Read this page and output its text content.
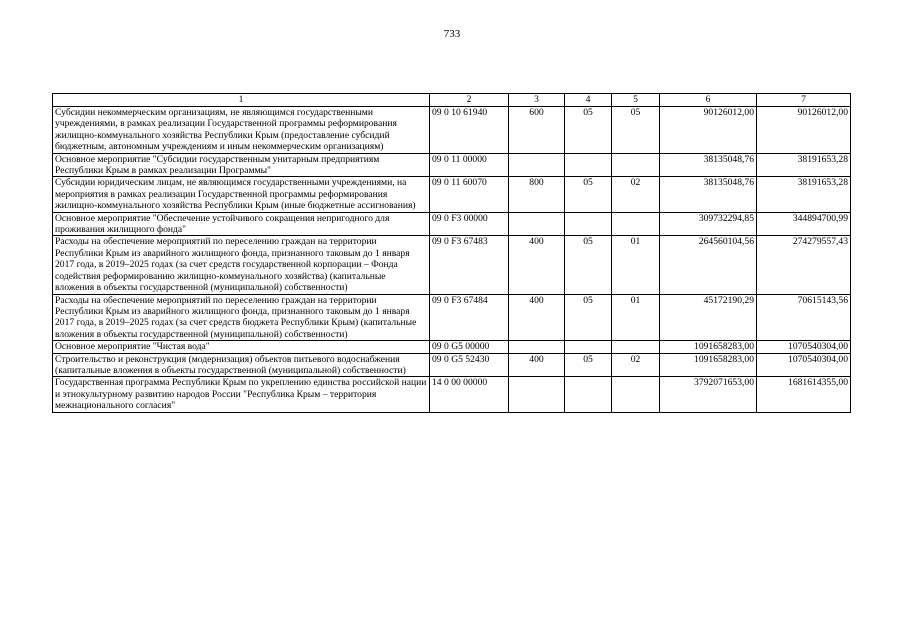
733
1	2	3	4	5	6	7
Субсидии некоммерческим организациям, не являющимся государственными учреждениями, в рамках реализации Государственной программы реформирования жилищно-коммунального хозяйства Республики Крым (предоставление субсидий бюджетным, автономным учреждениям и иным некоммерческим организациям)	09 0 10 61940	600	05	05	90126012,00	90126012,00
Основное мероприятие "Субсидии государственным унитарным предприятиям Республики Крым в рамках реализации Программы"	09 0 11 00000				38135048,76	38191653,28
Субсидии юридическим лицам, не являющимся государственными учреждениями, на мероприятия в рамках реализации Государственной программы реформирования жилищно-коммунального хозяйства Республики Крым (иные бюджетные ассигнования)	09 0 11 60070	800	05	02	38135048,76	38191653,28
Основное мероприятие "Обеспечение устойчивого сокращения непригодного для проживания жилищного фонда"	09 0 F3 00000				309732294,85	344894700,99
Расходы на обеспечение мероприятий по переселению граждан на территории Республики Крым из аварийного жилищного фонда, признанного таковым до 1 января 2017 года, в 2019–2025 годах (за счет средств государственной корпорации – Фонда содействия реформированию жилищно-коммунального хозяйства) (капитальные вложения в объекты государственной (муниципальной) собственности)	09 0 F3 67483	400	05	01	264560104,56	274279557,43
Расходы на обеспечение мероприятий по переселению граждан на территории Республики Крым из аварийного жилищного фонда, признанного таковым до 1 января 2017 года, в 2019–2025 годах (за счет средств бюджета Республики Крым) (капитальные вложения в объекты государственной (муниципальной) собственности)	09 0 F3 67484	400	05	01	45172190,29	70615143,56
Основное мероприятие "Чистая вода"	09 0 G5 00000				1091658283,00	1070540304,00
Строительство и реконструкция (модернизация) объектов питьевого водоснабжения (капитальные вложения в объекты государственной (муниципальной) собственности)	09 0 G5 52430	400	05	02	1091658283,00	1070540304,00
Государственная программа Республики Крым по укреплению единства российской нации и этнокультурному развитию народов России "Республика Крым – территория межнационального согласия"	14 0 00 00000				3792071653,00	1681614355,00
